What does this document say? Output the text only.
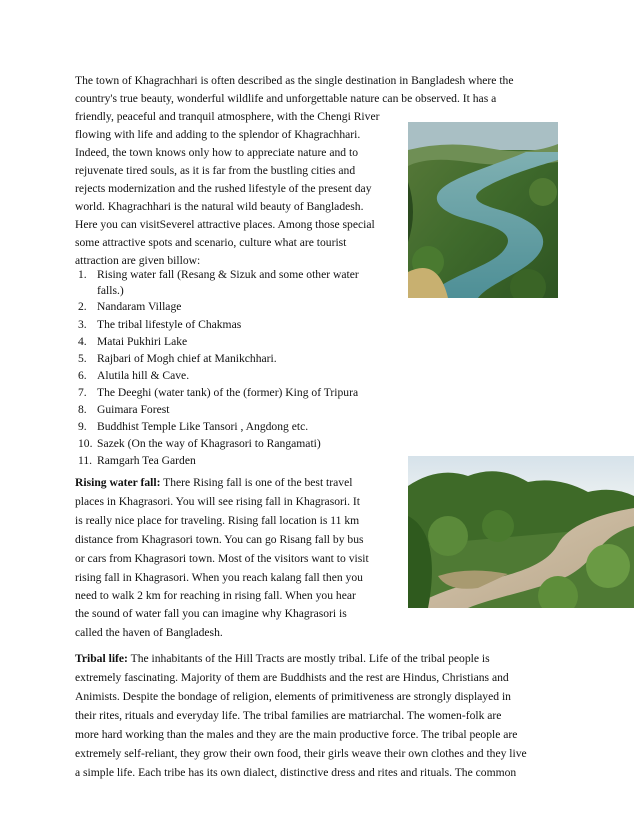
The town of Khagrachhari is often described as the single destination in Bangladesh where the
country's true beauty, wonderful wildlife and unforgettable nature can be observed. It has a
friendly, peaceful and tranquil atmosphere, with the Chengi River
flowing with life and adding to the splendor of Khagrachhari.
Indeed, the town knows only how to appreciate nature and to
rejuvenate tired souls, as it is far from the bustling cities and
rejects modernization and the rushed lifestyle of the present day
world. Khagrachhari is the natural wild beauty of Bangladesh.
Here you can visitSeverel attractive places. Among those special
some attractive spots and scenario, culture what are tourist
attraction are given billow:
1. Rising water fall (Resang & Sizuk and some other water
falls.)
2. Nandaram Village
3. The tribal lifestyle of Chakmas
4. Matai Pukhiri Lake
5. Rajbari of Mogh chief at Manikchhari.
6. Alutila hill & Cave.
7. The Deeghi (water tank) of the (former) King of Tripura
8. Guimara Forest
9. Buddhist Temple Like Tansori , Angdong etc.
10. Sazek (On the way of Khagrasori to Rangamati)
11. Ramgarh Tea Garden
Rising water fall: There Rising fall is one of the best travel
places in Khagrasori. You will see rising fall in Khagrasori. It
is really nice place for traveling. Rising fall location is 11 km
distance from Khagrasori town. You can go Risang fall by bus
or cars from Khagrasori town. Most of the visitors want to visit
rising fall in Khagrasori. When you reach kalang fall then you
need to walk 2 km for reaching in rising fall. When you hear
the sound of water fall you can imagine why Khagrasori is
called the haven of Bangladesh.
Tribal life: The inhabitants of the Hill Tracts are mostly tribal. Life of the tribal people is
extremely fascinating. Majority of them are Buddhists and the rest are Hindus, Christians and
Animists. Despite the bondage of religion, elements of primitiveness are strongly displayed in
their rites, rituals and everyday life. The tribal families are matriarchal. The women-folk are
more hard working than the males and they are the main productive force. The tribal people are
extremely self-reliant, they grow their own food, their girls weave their own clothes and they live
a simple life. Each tribe has its own dialect, distinctive dress and rites and rituals. The common
